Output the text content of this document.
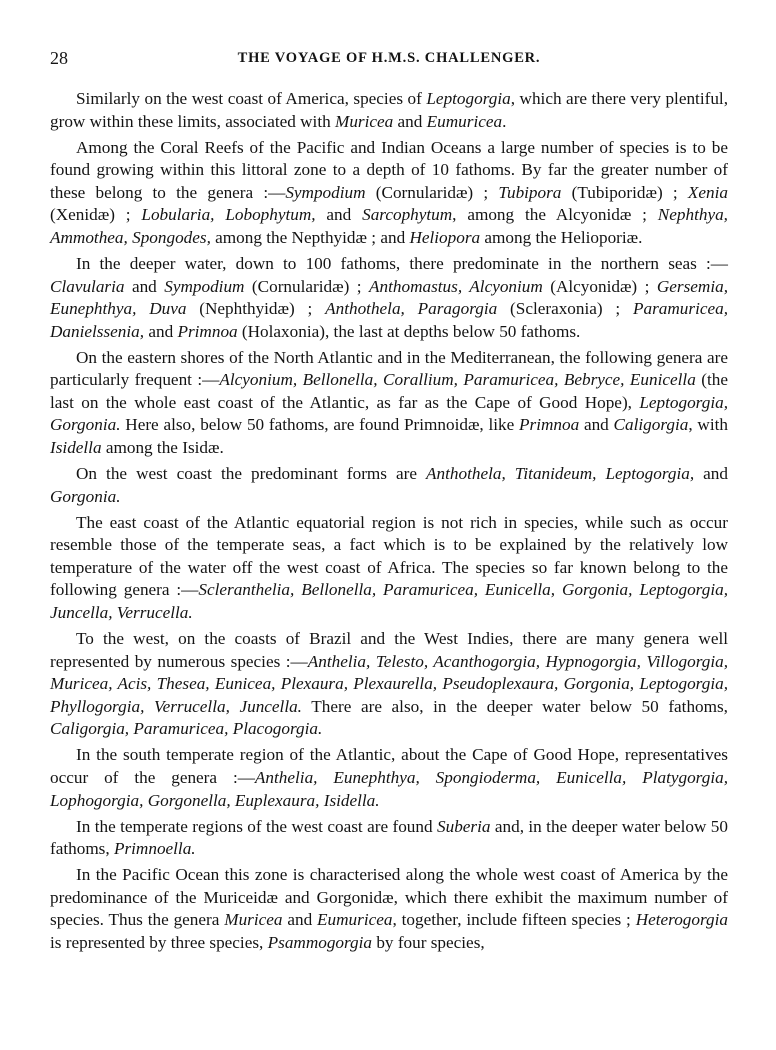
28	THE VOYAGE OF H.M.S. CHALLENGER.

Similarly on the west coast of America, species of Leptogorgia, which are there very plentiful, grow within these limits, associated with Muricea and Eumuricea.

Among the Coral Reefs of the Pacific and Indian Oceans a large number of species is to be found growing within this littoral zone to a depth of 10 fathoms. By far the greater number of these belong to the genera :—Sympodium (Cornularidæ) ; Tubipora (Tubiporidæ) ; Xenia (Xenidæ) ; Lobularia, Lobophytum, and Sarcophytum, among the Alcyonidæ ; Nephthya, Ammothea, Spongodes, among the Nepthyidæ ; and Heliopora among the Helioporiæ.

In the deeper water, down to 100 fathoms, there predominate in the northern seas :—Clavularia and Sympodium (Cornularidæ) ; Anthomastus, Alcyonium (Alcyonidæ) ; Gersemia, Eunephthya, Duva (Nephthyidæ) ; Anthothela, Paragorgia (Scleraxonia) ; Paramuricea, Danielssenia, and Primnoa (Holaxonia), the last at depths below 50 fathoms.

On the eastern shores of the North Atlantic and in the Mediterranean, the following genera are particularly frequent :—Alcyonium, Bellonella, Corallium, Paramuricea, Bebryce, Eunicella (the last on the whole east coast of the Atlantic, as far as the Cape of Good Hope), Leptogorgia, Gorgonia. Here also, below 50 fathoms, are found Primnoidæ, like Primnoa and Caligorgia, with Isidella among the Isidæ.

On the west coast the predominant forms are Anthothela, Titanideum, Leptogorgia, and Gorgonia.

The east coast of the Atlantic equatorial region is not rich in species, while such as occur resemble those of the temperate seas, a fact which is to be explained by the relatively low temperature of the water off the west coast of Africa. The species so far known belong to the following genera :—Scleranthelia, Bellonella, Paramuricea, Eunicella, Gorgonia, Leptogorgia, Juncella, Verrucella.

To the west, on the coasts of Brazil and the West Indies, there are many genera well represented by numerous species :—Anthelia, Telesto, Acanthogorgia, Hypnogorgia, Villogorgia, Muricea, Acis, Thesea, Eunicea, Plexaura, Plexaurella, Pseudoplexaura, Gorgonia, Leptogorgia, Phyllogorgia, Verrucella, Juncella. There are also, in the deeper water below 50 fathoms, Caligorgia, Paramuricea, Placogorgia.

In the south temperate region of the Atlantic, about the Cape of Good Hope, representatives occur of the genera :—Anthelia, Eunephthya, Spongioderma, Eunicella, Platygorgia, Lophogorgia, Gorgonella, Euplexaura, Isidella.

In the temperate regions of the west coast are found Suberia and, in the deeper water below 50 fathoms, Primnoella.

In the Pacific Ocean this zone is characterised along the whole west coast of America by the predominance of the Muriceidæ and Gorgonidæ, which there exhibit the maximum number of species. Thus the genera Muricea and Eumuricea, together, include fifteen species ; Heterogorgia is represented by three species, Psammogorgia by four species,
